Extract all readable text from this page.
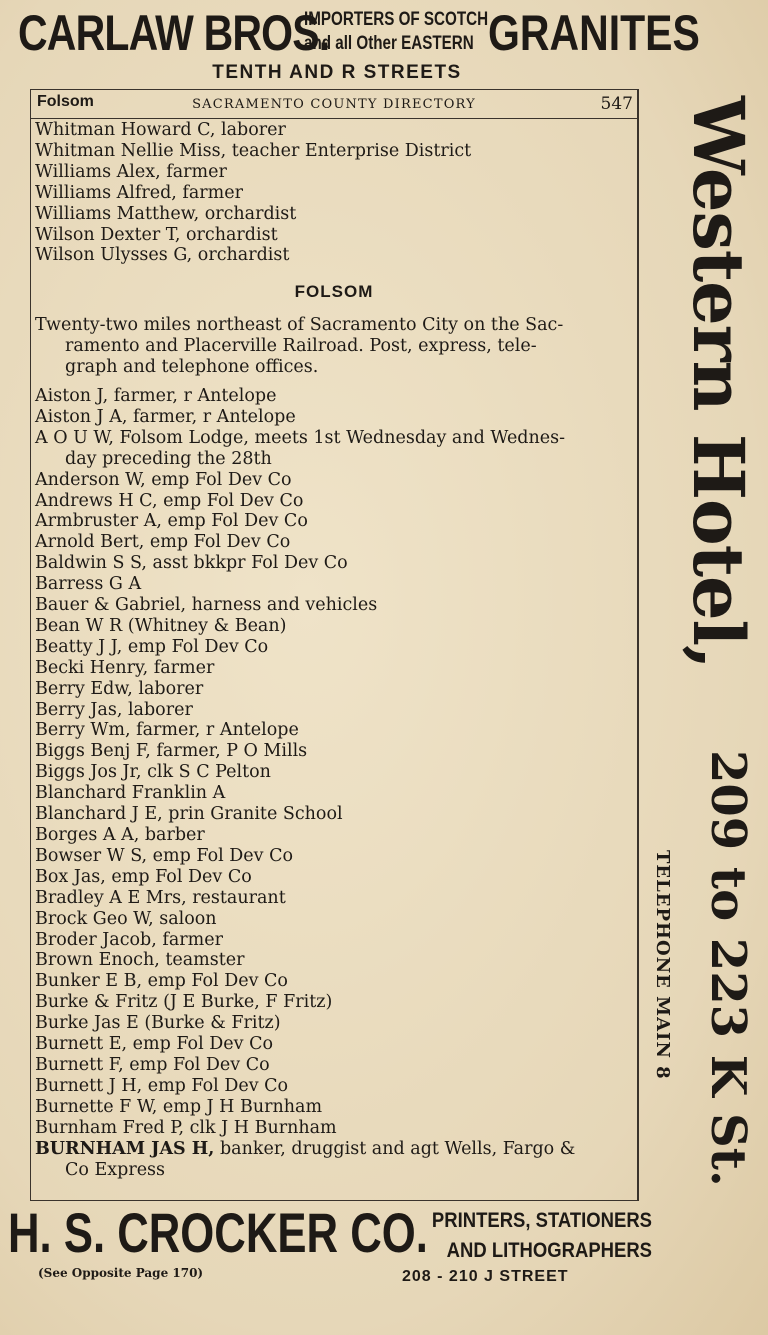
CARLAW BROS.
IMPORTERS OF SCOTCH
and all Other EASTERN GRANITES
TENTH AND R STREETS
Folsom	SACRAMENTO COUNTY DIRECTORY	547
Whitman Howard C, laborer
Whitman Nellie Miss, teacher Enterprise District
Williams Alex, farmer
Williams Alfred, farmer
Williams Matthew, orchardist
Wilson Dexter T, orchardist
Wilson Ulysses G, orchardist
FOLSOM
Twenty-two miles northeast of Sacramento City on the Sac-
ramento and Placerville Railroad. Post, express, tele-
graph and telephone offices.
Aiston J, farmer, r Antelope
Aiston J A, farmer, r Antelope
A O U W, Folsom Lodge, meets 1st Wednesday and Wednes-
day preceding the 28th
Anderson W, emp Fol Dev Co
Andrews H C, emp Fol Dev Co
Armbruster A, emp Fol Dev Co
Arnold Bert, emp Fol Dev Co
Baldwin S S, asst bkkpr Fol Dev Co
Barress G A
Bauer & Gabriel, harness and vehicles
Bean W R (Whitney & Bean)
Beatty J J, emp Fol Dev Co
Becki Henry, farmer
Berry Edw, laborer
Berry Jas, laborer
Berry Wm, farmer, r Antelope
Biggs Benj F, farmer, P O Mills
Biggs Jos Jr, clk S C Pelton
Blanchard Franklin A
Blanchard J E, prin Granite School
Borges A A, barber
Bowser W S, emp Fol Dev Co
Box Jas, emp Fol Dev Co
Bradley A E Mrs, restaurant
Brock Geo W, saloon
Broder Jacob, farmer
Brown Enoch, teamster
Bunker E B, emp Fol Dev Co
Burke & Fritz (J E Burke, F Fritz)
Burke Jas E (Burke & Fritz)
Burnett E, emp Fol Dev Co
Burnett F, emp Fol Dev Co
Burnett J H, emp Fol Dev Co
Burnette F W, emp J H Burnham
Burnham Fred P, clk J H Burnham
BURNHAM JAS H, banker, druggist and agt Wells, Fargo &
Co Express
H. S. CROCKER CO. PRINTERS, STATIONERS
AND LITHOGRAPHERS
(See Opposite Page 170)	208 - 210 J STREET
Western Hotel,
209 to 223 K St.
TELEPHONE MAIN 8
